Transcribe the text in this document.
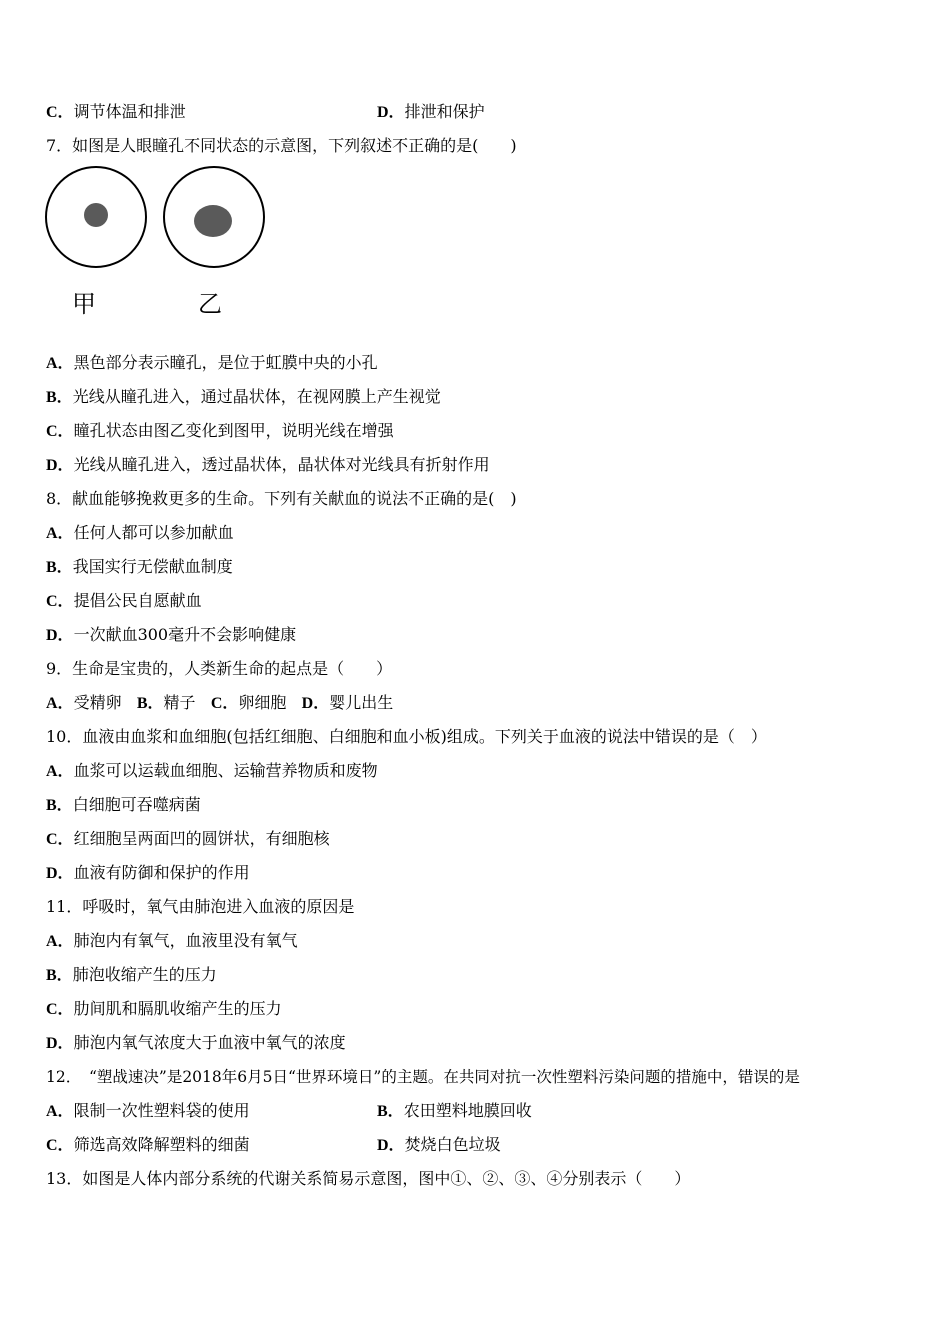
C．调节体温和排泄	D．排泄和保护
7．如图是人眼瞳孔不同状态的示意图，下列叙述不正确的是(　　)
甲	乙
A．黑色部分表示瞳孔，是位于虹膜中央的小孔
B．光线从瞳孔进入，通过晶状体，在视网膜上产生视觉
C．瞳孔状态由图乙变化到图甲，说明光线在增强
D．光线从瞳孔进入，透过晶状体，晶状体对光线具有折射作用
8．献血能够挽救更多的生命。下列有关献血的说法不正确的是(　)
A．任何人都可以参加献血
B．我国实行无偿献血制度
C．提倡公民自愿献血
D．一次献血300毫升不会影响健康
9．生命是宝贵的，人类新生命的起点是（　　）
A．受精卵 B．精子 C．卵细胞 D．婴儿出生
10．血液由血浆和血细胞(包括红细胞、白细胞和血小板)组成。下列关于血液的说法中错误的是（　）
A．血浆可以运载血细胞、运输营养物质和废物
B．白细胞可吞噬病菌
C．红细胞呈两面凹的圆饼状，有细胞核
D．血液有防御和保护的作用
11．呼吸时，氧气由肺泡进入血液的原因是
A．肺泡内有氧气，血液里没有氧气
B．肺泡收缩产生的压力
C．肋间肌和膈肌收缩产生的压力
D．肺泡内氧气浓度大于血液中氧气的浓度
12．　“塑战速决”是2018年6月5日“世界环境日”的主题。在共同对抗一次性塑料污染问题的措施中，错误的是
A．限制一次性塑料袋的使用	B．农田塑料地膜回收
C．筛选高效降解塑料的细菌	D．焚烧白色垃圾
13．如图是人体内部分系统的代谢关系简易示意图，图中①、②、③、④分别表示（　　）
